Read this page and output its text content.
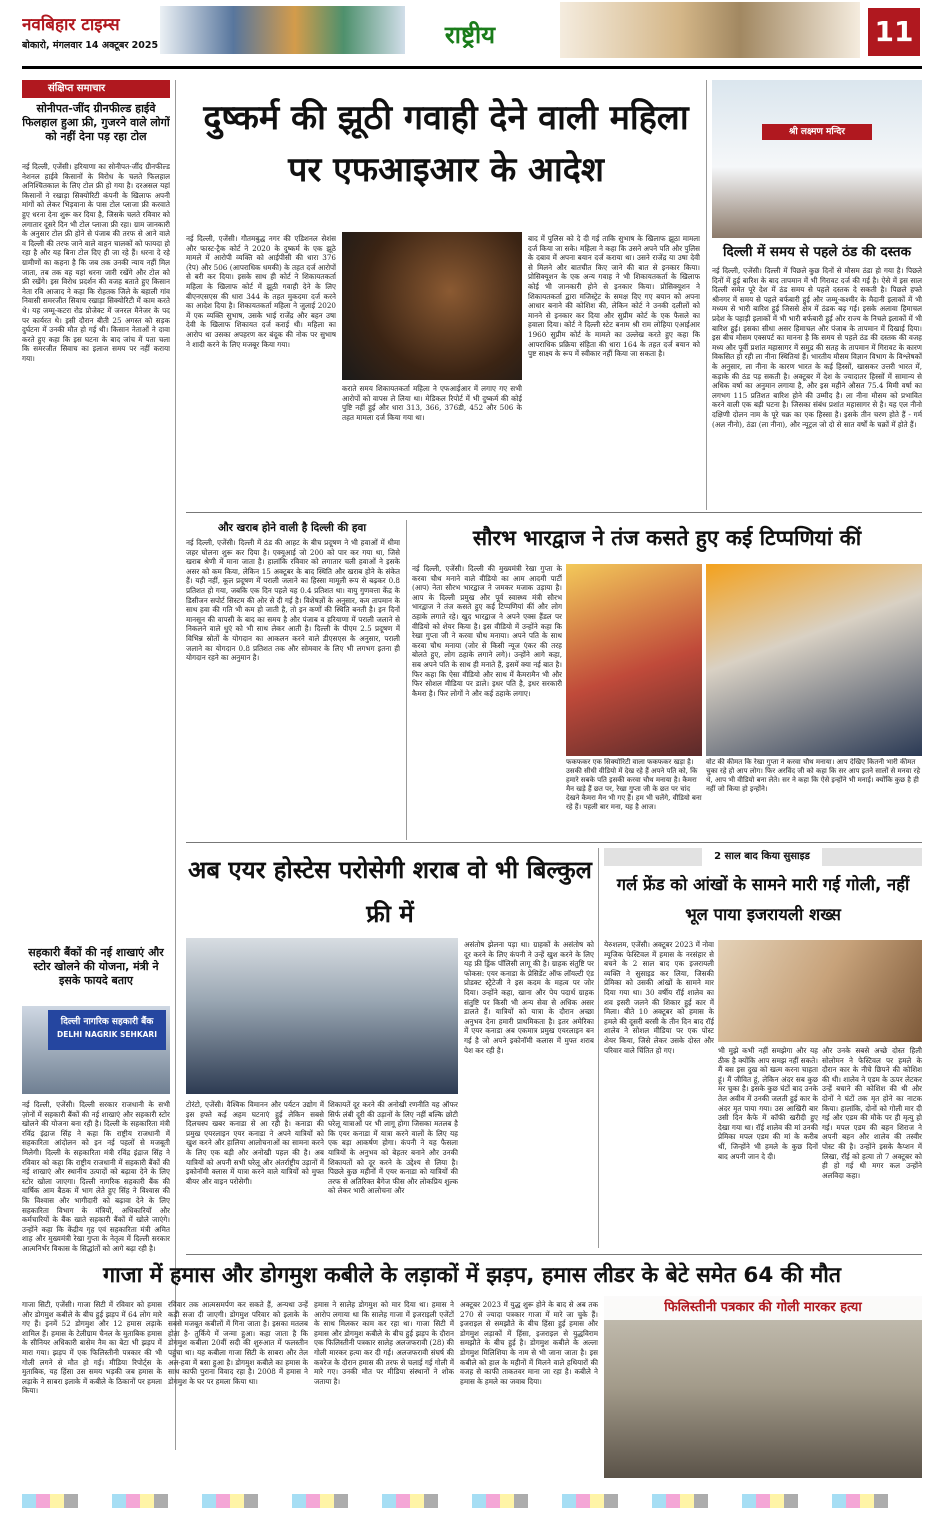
नवबिहार टाइम्स
बोकारो, मंगलवार 14 अक्टूबर 2025	राष्ट्रीय	11
संक्षिप्त समाचार
सोनीपत-जींद ग्रीनफील्ड हाईवे फिलहाल हुआ फ्री, गुजरने वाले लोगों को नहीं देना पड़ रहा टोल
नई दिल्ली, एजेंसी। हरियाणा का सोनीपत-जींद ग्रीनफील्ड नेशनल हाईवे किसानों के विरोध के चलते फिलहाल अनिश्चितकाल के लिए टोल फ्री हो गया है। दरअसल यहां किसानों ने रखाड़ा सिक्योरिटी कंपनी के खिलाफ अपनी मांगों को लेकर भिड़वाना के पास टोल प्लाजा फ्री करवाते हुए धरना देना शुरू कर दिया है, जिसके चलते रविवार को लगातार दूसरे दिन भी टोल प्लाजा फ्री रहा। ग्राम जानकारी के अनुसार टोल फ्री होने से पंजाब की तरफ से आने वाले व दिल्ली की तरफ जाने वाले वाहन चालकों को फायदा हो रहा है और यह बिना टोल दिए ही जा रहे हैं। धरना दे रहे ग्रामीणों का कहना है कि जब तक उनकी न्याय नहीं मिल जाता, तब तक वह यहां धरना जारी रखेंगे और टोल को फ्री रखेंगे। इस विरोध प्रदर्शन की वजह बताते हुए किसान नेता रवि आजाद ने कहा कि रोहतक जिले के बहाली गांव निवासी समरजीत सिवाच रखाड़ा सिक्योरिटी में काम करते थे। यह जम्मू-कटरा रोड प्रोजेक्ट में जनरल मैनेजर के पद पर कार्यरत थे। इसी दौरान बीती 25 अगस्त को सड़क दुर्घटना में उनकी मौत हो गई थी। किसान नेताओं ने दावा करते हुए कहा कि इस घटना के बाद जांच में पता चला कि समरजीत सिवाच का इलाज समय पर नहीं कराया गया।
सहकारी बैंकों की नई शाखाएं और स्टोर खोलने की योजना, मंत्री ने इसके फायदे बताए
दिल्ली नागरिक सहकारी बैंक
DELHI NAGRIK SEHKARI
नई दिल्ली, एजेंसी। दिल्ली सरकार राजधानी के सभी ज़ोनों में सहकारी बैंकों की नई शाखाएं और सहकारी स्टोर खोलने की योजना बना रही है। दिल्ली के सहकारिता मंत्री रविंद्र इंद्राज सिंह ने कहा कि राष्ट्रीय राजधानी में सहकारिता आंदोलन को इन नई पहलों से मजबूती मिलेगी। दिल्ली के सहकारिता मंत्री रविंद्र इंद्राज सिंह ने रविवार को कहा कि राष्ट्रीय राजधानी में सहकारी बैंकों की नई शाखाएं और स्थानीय उत्पादों को बढ़ावा देने के लिए स्टोर खोला जाएगा। दिल्ली नागरिक सहकारी बैंक की वार्षिक आम बैठक में भाग लेते हुए सिंह ने विश्वास की कि विश्वास और भागीदारी को बढ़ावा देने के लिए सहकारिता विभाग के मंत्रियों, अधिकारियों और कर्मचारियों के बैंक खाते सहकारी बैंकों में खोले जाएंगे। उन्होंने कहा कि केंद्रीय गृह एवं सहकारिता मंत्री अमित शाह और मुख्यमंत्री रेखा गुप्ता के नेतृत्व में दिल्ली सरकार आत्मनिर्भर विकास के सिद्धांतों को आगे बढ़ा रही है।
दुष्कर्म की झूठी गवाही देने वाली महिला पर एफआइआर के आदेश
नई दिल्ली, एजेंसी। गौतमबुद्ध नगर की एडिशनल सेशंस और फास्ट-ट्रैक कोर्ट ने 2020 के दुष्कर्म के एक झूठे मामले में आरोपी व्यक्ति को आईपीसी की धारा 376 (रेप) और 506 (आपराधिक धमकी) के तहत दर्ज आरोपों से बरी कर दिया। इसके साथ ही कोर्ट ने शिकायतकर्ता महिला के खिलाफ कोर्ट में झूठी गवाही देने के लिए बीएनएसएस की धारा 344 के तहत मुकदमा दर्ज करने का आदेश दिया है। शिकायतकर्ता महिला ने जुलाई 2020 में एक व्यक्ति सुभाष, उसके भाई राजेंद्र और बहन उषा देवी के खिलाफ शिकायत दर्ज कराई थी। महिला का आरोप था उसका अपहरण कर बंदूक की नोक पर सुभाष ने शादी करने के लिए मजबूर किया गया।
कराते समय शिकायतकर्ता महिला ने एफआईआर में लगाए गए सभी आरोपों को वापस ले लिया था। मेडिकल रिपोर्ट में भी दुष्कर्म की कोई पुष्टि नहीं हुई और धारा 313, 366, 376डी, 452 और 506 के तहत मामला दर्ज किया गया था।
बाद में पुलिस को दे दी गई ताकि सुभाष के खिलाफ झूठा मामला दर्ज किया जा सके। महिला ने कहा कि उसने अपने पति और पुलिस के दबाव में अपना बयान दर्ज कराया था। उसने राजेंद्र या उषा देवी से मिलने और बातचीत किए जाने की बात से इनकार किया। प्रोसिक्यूशन के एक अन्य गवाह ने भी शिकायतकर्ता के खिलाफ कोई भी जानकारी होने से इनकार किया। प्रोसिक्यूशन ने शिकायतकर्ता द्वारा मजिस्ट्रेट के समक्ष दिए गए बयान को अपना आधार बनाने की कोशिश की, लेकिन कोर्ट ने उनकी दलीलों को मानने से इनकार कर दिया और सुप्रीम कोर्ट के एक फैसले का हवाला दिया। कोर्ट ने दिल्ली स्टेट बनाम श्री राम लोहिया एआईआर 1960 सुप्रीम कोर्ट के मामले का उल्लेख करते हुए कहा कि आपराधिक प्रक्रिया संहिता की धारा 164 के तहत दर्ज बयान को पुष्ट साक्ष्य के रूप में स्वीकार नहीं किया जा सकता है।
श्री लक्ष्मण मन्दिर
दिल्ली में समय से पहले ठंड की दस्तक
नई दिल्ली, एजेंसी। दिल्ली में पिछले कुछ दिनों से मौसम ठंडा हो गया है। पिछले दिनों में हुई बारिश के बाद तापमान में भी गिरावट दर्ज की गई है। ऐसे में इस साल दिल्ली समेत पूरे देश में ठंड समय से पहले दस्तक दे सकती है। पिछले हफ्ते श्रीनगर में समय से पहले बर्फबारी हुई और जम्मू-कश्मीर के मैदानी इलाकों में भी मध्यम से भारी बारिश हुई जिससे क्षेत्र में ठंडक बढ़ गई। इसके अलावा हिमाचल प्रदेश के पहाड़ी इलाकों में भी भारी बर्फबारी हुई और राज्य के निचले इलाकों में भी बारिश हुई। इसका सीधा असर हिमाचल और पंजाब के तापमान में दिखाई दिया। इस बीच मौसम एक्सपर्ट का मानना है कि समय से पहले ठंड की दस्तक की वजह मध्य और पूर्वी प्रशांत महासागर में समुद्र की सतह के तापमान में गिरावट के कारण विकसित हो रही ला नीना स्थितियां हैं। भारतीय मौसम विज्ञान विभाग के विश्लेषकों के अनुसार, ला नीना के कारण भारत के कई हिस्सों, खासकर उत्तरी भारत में, कड़ाके की ठंड पड़ सकती है। अक्टूबर में देश के ज्यादातर हिस्सों में सामान्य से अधिक वर्षा का अनुमान लगाया है, और इस महीने औसत 75.4 मिमी वर्षा का लगभग 115 प्रतिशत बारिश होने की उम्मीद है। ला नीना मौसम को प्रभावित करने वाली एक बड़ी घटना है। जिसका संबंध प्रशांत महासागर से है। यह एल नीनो दक्षिणी दोलन नाम के पूरे चक्र का एक हिस्सा है। इसके तीन चरण होते हैं - गर्म (अल नीनो), ठंडा (ला नीना), और न्यूट्रल जो दो से सात वर्षों के चक्रों में होते हैं।
और खराब होने वाली है दिल्ली की हवा
नई दिल्ली, एजेंसी। दिल्ली में ठंड की आहट के बीच प्रदूषण ने भी हवाओं में धीमा जहर घोलना शुरू कर दिया है। एक्यूआई जो 200 को पार कर गया था, जिसे खराब श्रेणी में माना जाता है। हालांकि रविवार को लगातार चली हवाओं ने इसके असर को कम किया, लेकिन 15 अक्टूबर के बाद स्थिति और खराब होने के संकेत हैं। यही नहीं, कूल प्रदूषण में पराली जलाने का हिस्सा मामूली रूप से बढ़कर 0.8 प्रतिशत हो गया, जबकि एक दिन पहले यह 0.4 प्रतिशत था। वायु गुणवत्ता केंद्र के डिसीजन सपोर्ट सिस्टम की ओर से दी गई है। विशेषज्ञों के अनुसार, कम तापमान के साथ हवा की गति भी कम हो जाती है, तो इन कणों की स्थिति बनती है। इन दिनों मानसून की वापसी के बाद का समय है और पंजाब व हरियाणा में पराली जलाने से निकलने वाले धुएं को भी साथ लेकर आती है। दिल्ली के पीएम 2.5 प्रदूषण में विभिन्न स्रोतों के योगदान का आकलन करने वाले डीएसएस के अनुसार, पराली जलाने का योगदान 0.8 प्रतिशत तक और सोमवार के लिए भी लगभग इतना ही योगदान रहने का अनुमान है।
सौरभ भारद्वाज ने तंज कसते हुए कई टिप्पणियां कीं
नई दिल्ली, एजेंसी। दिल्ली की मुख्यमंत्री रेखा गुप्ता के करवा चौथ मनाने वाले वीडियो का आम आदमी पार्टी (आप) नेता सौरभ भारद्वाज ने जमकर मजाक उड़ाया है। आप के दिल्ली प्रमुख और पूर्व स्वास्थ्य मंत्री सौरभ भारद्वाज ने तंज कसते हुए कई टिप्पणियां कीं और लोग ठहाके लगाते रहे। खुद भारद्वाज ने अपने एक्स हैंडल पर वीडियो को शेयर किया है। इस वीडियो में उन्होंने कहा कि रेखा गुप्ता जी ने करवा चौथ मनाया। अपने पति के साथ करवा चौथ मनाया (जोर से किसी न्यूज एंकर की तरह बोलते हुए, लोग ठहाके लगाने लगे)। उन्होंने आगे कहा, सब अपने पति के साथ ही मनाते हैं, इसमें क्या नई बात है। फिर कहा कि ऐसा वीडियो और साथ में कैमरामैन भी और फिर सोशल मीडिया पर डाले। इधर पति है, इधर सरकारी कैमरा है। फिर लोगों ने और कई ठहाके लगाए।
फकफकर एक सिक्योरिटी वाला फकफकर खड़ा है। उसकी सीधी वीडियो में देख रहे हैं अपने पति को, कि हमारे सबके पति इसकी करवा चौथ मनाया है। कैमरा मैन खड़े हैं छत पर, रेखा गुप्ता जी के छत पर चांद देखने कैमरा मैन भी गए हैं। हम भी चलेंगे, वीडियो बना रहे हैं। पहली बार मना, यह है आज।
वोट की कीमत कि रेखा गुप्ता ने करवा चौथ मनाया। आप देखिए कितनी भारी कीमत चुका रहे हो आप लोग। फिर अरविंद जी को कहा कि सर आप इतने सालों से मनवा रहे थे, आप भी वीडियो बना लेते। सर ने कहा कि ऐसे इन्होंने भी मनाई। क्योंकि कुछ है ही नहीं जो किया हो इन्होंने।
अब एयर होस्टेस परोसेगी शराब वो भी बिल्कुल फ्री में
टोरंटो, एजेंसी। वैश्विक विमानन और पर्यटन उद्योग में इस हफ्ते कई अहम घटनाएं हुई लेकिन सबसे दिलचस्प खबर कनाडा से आ रही है। कनाडा की प्रमुख एयरलाइन एयर कनाडा ने अपने यात्रियों को खुश करने और हालिया आलोचनाओं का सामना करने के लिए एक बड़ी और अनोखी पहल की है। अब यात्रियों को अपनी सभी घरेलू और अंतर्राष्ट्रीय उड़ानों में इकोनॉमी क्लास में यात्रा करने वाले यात्रियों को मुफ्त बीयर और वाइन परोसेगी।
शिकायतें दूर करने की अनोखी रणनीति यह ऑफर सिर्फ लंबी दूरी की उड़ानों के लिए नहीं बल्कि छोटी घरेलू यात्राओं पर भी लागू होगा जिसका मतलब है कि एयर कनाडा में यात्रा करने वालों के लिए यह एक बड़ा आकर्षण होगा। कंपनी ने यह फैसला यात्रियों के अनुभव को बेहतर बनाने और उनकी शिकायतों को दूर करने के उद्देश्य से लिया है। पिछले कुछ महीनों में एयर कनाडा को यात्रियों की तरफ से अतिरिक्त बैगेज फीस और लोकप्रिय शुल्क को लेकर भारी आलोचना और
असंतोष झेलना पड़ा था। ग्राहकों के असंतोष को दूर करने के लिए कंपनी ने उन्हें खुश करने के लिए यह फ्री ड्रिंक पॉलिसी लागू की है। ग्राहक संतुष्टि पर फोकस: एयर कनाडा के प्रेसिडेंट ऑफ लॉयल्टी एंड प्रोडक्ट स्ट्रैटेजी ने इस कदम के महत्व पर जोर दिया। उन्होंने कहा, खाना और पेय पदार्थ ग्राहक संतुष्टि पर किसी भी अन्य सेवा से अधिक असर डालते हैं। यात्रियों को यात्रा के दौरान अच्छा अनुभव देना हमारी प्राथमिकता है। इतर अमेरिका में एयर कनाडा अब एकमात्र प्रमुख एयरलाइन बन गई है जो अपने इकोनॉमी कलास में मुफ्त शराब पेश कर रही है।
2 साल बाद किया सुसाइड
गर्ल फ्रेंड को आंखों के सामने मारी गई गोली, नहीं भूल पाया इजरायली शख्स
येरुशलम, एजेंसी। अक्टूबर 2023 में नोवा म्यूजिक फेस्टिवल में हमास के नरसंहार से बचने के 2 साल बाद एक इजरायली व्यक्ति ने सुसाइड कर लिया, जिसकी प्रेमिका को उसकी आंखों के सामने मार दिया गया था। 30 वर्षीय रॉई शालेव का शव इसरी जलने की शिकार हुई कार में मिला। बीते 10 अक्टूबर को हमास के हमले की दूसरी बरसी के तीन दिन बाद रॉई शालेव ने सोशल मीडिया पर एक पोस्ट शेयर किया, जिसे लेकर उसके दोस्त और परिवार वाले चिंतित हो गए।	भी मुझे कभी नहीं समझेगा और यह ठीक है क्योंकि आप समझ नहीं सकते। मैं बस इस दुख को खत्म करना चाहता हूं। मैं जीवित हूं, लेकिन अंदर सब कुछ मर चुका है। इसके कुछ घंटों बाद उनके तेल अवीव में उनकी जलती हुई कार के अंदर मृत पाया गया। उस आखिरी बार उसी दिन कैफे में कॉफी खरीदी हुए देखा गया था। रॉई शालेव की मां उनकी प्रेमिका मपल एडम की मां के करीब थीं, जिन्होंने भी हमले के कुछ दिनों बाद अपनी जान दे दी।
और उनके सबसे अच्छे दोस्त हिली सोलोमन ने फेस्टिवल पर हमले के दौरान कार के नीचे छिपने की कोशिश की थी। शालेव ने एडम के ऊपर लेटकर उन्हें बचाने की कोशिश की थी और दोनों ने घंटों तक मृत होने का नाटक किया। हालांकि, दोनों को गोली मार दी गई और एडम की मौके पर ही मृत्यु हो गई। मपल एडम की बहन शिराज ने अपनी बहन और शालेव की तस्वीर पोस्ट की है। उन्होंने इसके कैप्शन में लिखा, रॉई को हत्या तो 7 अक्टूबर को ही हो गई थी मगर कल उन्होंने अलविदा कहा।
गाजा में हमास और डोगमुश कबीले के लड़ाकों में झड़प, हमास लीडर के बेटे समेत 64 की मौत
गाजा सिटी, एजेंसी। गाजा सिटी में रविवार को हमास और डोगमुश कबीले के बीच हुई झड़प में 64 लोग मारे गए हैं। इनमें 52 डोगमुश और 12 हमास लड़ाके शामिल हैं। हमास के टेलीग्राम चैनल के मुताबिक हमास के सीनियर अधिकारी बासेम नैम का बेटा भी झड़प में मारा गया। झड़प में एक फिलिस्तीनी पत्रकार की भी गोली लगने से मौत हो गई। मीडिया रिपोर्ट्स के मुताबिक, यह हिंसा उस समय भड़की जब हमास के लड़ाके ने साबरा इलाके में कबीले के ठिकानों पर हमला किया।
रविवार तक आत्मसमर्पण कर सकते हैं, अन्यथा उन्हें कड़ी सजा दी जाएगी। डोगमुश परिवार को इलाके के सबसे मजबूत कबीलों में गिना जाता है। इसका मतलब होता है- तुर्किये में जन्मा हुआ। कहा जाता है कि डोगमुश कबीला 20वीं सदी की शुरुआत में फलस्तीन पहुंचा था। यह कबीला गाजा सिटी के साबरा और तेल अल-हवा में बसा हुआ है। डोगमुश कबीले का हमास के साथ काफी पुराना विवाद रहा है। 2008 में हमास ने डोगमुश के घर पर हमला किया था।
हमास ने सालेह डोगमुश को मार दिया था। हमास ने आरोप लगाया था कि सालेह गाजा में इजराइली एजेंटों के साथ मिलकर काम कर रहा था। गाजा सिटी में हमास और डोगमुश कबीले के बीच हुई झड़प के दौरान एक फिलिस्तीनी पत्रकार सालेह अलजफरावी (28) की गोली मारकर हत्या कर दी गई। अलजफरावी संघर्ष की कवरेज के दौरान हमास की तरफ से चलाई गई गोली में मारे गए। उनकी मौत पर मीडिया संस्थानों ने शोक जताया है।
अक्टूबर 2023 में युद्ध शुरू होने के बाद से अब तक 270 से ज्यादा पत्रकार गाजा में मारे जा चुके हैं। इजराइल से समझौते के बीच हिंसा हुई हमास और डोगमुश लड़ाकों में हिंसा, इजराइल से युद्धविराम समझौते के बीच हुई है। डोगमुश कबीले के अल्ला डोगमुश मिलिशिया के नाम से भी जाना जाता है। इस कबीले को हाल के महीनों में मिलने वाले हथियारों की वजह से काफी ताकतवर माना जा रहा है। कबीले ने हमास के हमले का जवाब दिया।
फिलिस्तीनी पत्रकार की गोली मारकर हत्या
